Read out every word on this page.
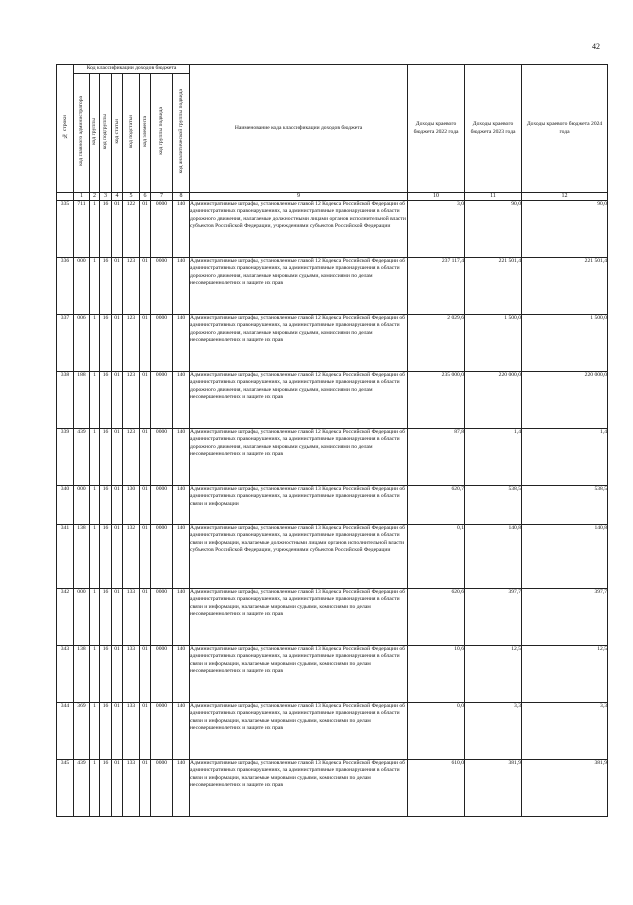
42
№ строки	Код классификации доходов бюджета								Наименование кода классификации доходов бюджета	Доходы краевого бюджета 2022 года	Доходы краевого бюджета 2023 года	Доходы краевого бюджета 2024 года
	код главного администратора	код группы	код подгруппы	код статьи	код подстатьи	код элемента	код группы подвида	код аналитической группы подвида				
	1	2	3	4	5	6	7	8	9	10	11	12
335	711	1	16	01	122	01	0000	140	Административные штрафы, установленные главой 12 Кодекса Российской Федерации об административных правонарушениях, за административные правонарушения в области дорожного движения, налагаемые должностными лицами органов исполнительной власти субъектов Российской Федерации, учреждениями субъектов Российской Федерации	3,0	90,0	90,0
336	000	1	16	01	123	01	0000	140	Административные штрафы, установленные главой 12 Кодекса Российской Федерации об административных правонарушениях, за административные правонарушения в области дорожного движения, налагаемые мировыми судьями, комиссиями по делам несовершеннолетних и защите их прав	237 117,4	221 501,4	221 501,4
337	006	1	16	01	123	01	0000	140	Административные штрафы, установленные главой 12 Кодекса Российской Федерации об административных правонарушениях, за административные правонарушения в области дорожного движения, налагаемые мировыми судьями, комиссиями по делам несовершеннолетних и защите их прав	2 029,6	1 500,0	1 500,0
338	188	1	16	01	123	01	0000	140	Административные штрафы, установленные главой 12 Кодекса Российской Федерации об административных правонарушениях, за административные правонарушения в области дорожного движения, налагаемые мировыми судьями, комиссиями по делам несовершеннолетних и защите их прав	235 000,0	220 000,0	220 000,0
339	439	1	16	01	123	01	0000	140	Административные штрафы, установленные главой 12 Кодекса Российской Федерации об административных правонарушениях, за административные правонарушения в области дорожного движения, налагаемые мировыми судьями, комиссиями по делам несовершеннолетних и защите их прав	87,8	1,4	1,4
340	000	1	16	01	130	01	0000	140	Административные штрафы, установленные главой 13 Кодекса Российской Федерации об административных правонарушениях, за административные правонарушения в области связи и информации	620,7	538,5	538,5
341	138	1	16	01	132	01	0000	140	Административные штрафы, установленные главой 13 Кодекса Российской Федерации об административных правонарушениях, за административные правонарушения в области связи и информации, налагаемые должностными лицами органов исполнительной власти субъектов Российской Федерации, учреждениями субъектов Российской Федерации	0,1	140,8	140,8
342	000	1	16	01	133	01	0000	140	Административные штрафы, установленные главой 13 Кодекса Российской Федерации об административных правонарушениях, за административные правонарушения в области связи и информации, налагаемые мировыми судьями, комиссиями по делам несовершеннолетних и защите их прав	620,6	397,7	397,7
343	138	1	16	01	133	01	0000	140	Административные штрафы, установленные главой 13 Кодекса Российской Федерации об административных правонарушениях, за административные правонарушения в области связи и информации, налагаемые мировыми судьями, комиссиями по делам несовершеннолетних и защите их прав	10,6	12,5	12,5
344	369	1	16	01	133	01	0000	140	Административные штрафы, установленные главой 13 Кодекса Российской Федерации об административных правонарушениях, за административные правонарушения в области связи и информации, налагаемые мировыми судьями, комиссиями по делам несовершеннолетних и защите их прав	0,0	3,3	3,3
345	439	1	16	01	133	01	0000	140	Административные штрафы, установленные главой 13 Кодекса Российской Федерации об административных правонарушениях, за административные правонарушения в области связи и информации, налагаемые мировыми судьями, комиссиями по делам несовершеннолетних и защите их прав	610,0	381,9	381,9
